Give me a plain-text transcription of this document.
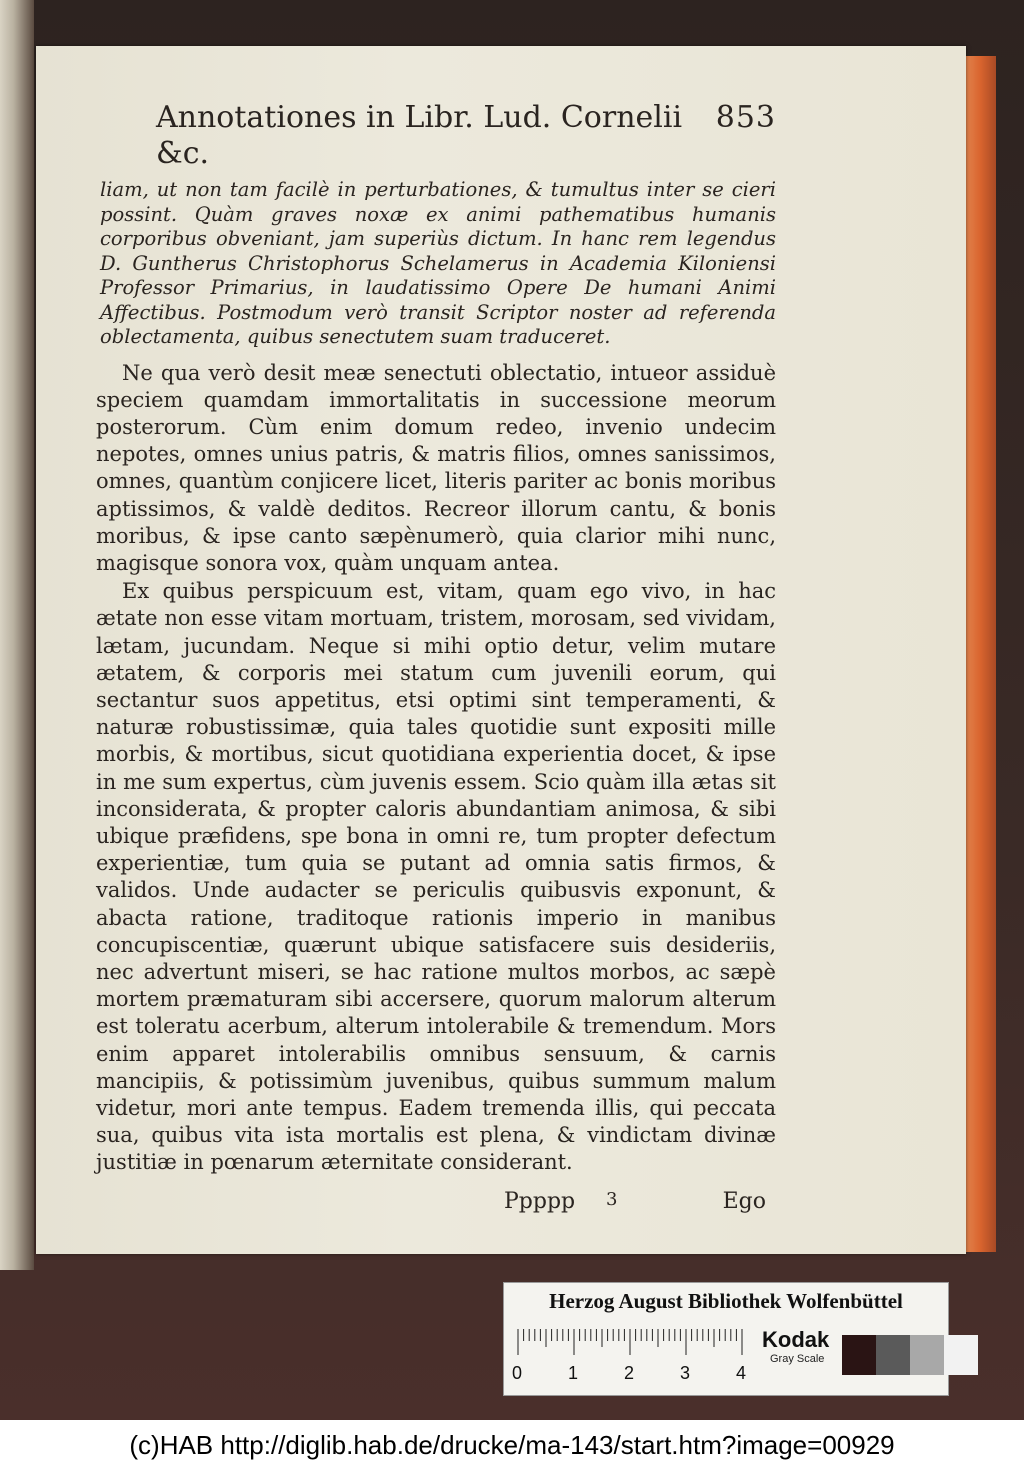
Annotationes in Libr. Lud. Cornelii &c.
853

liam, ut non tam facilè in perturbationes, & tumultus inter se cieri possint. Quàm graves noxæ ex animi pathematibus humanis corporibus obveniant, jam superiùs dictum. In hanc rem legendus D. Guntherus Christophorus Schelamerus in Academia Kiloniensi Professor Primarius, in laudatissimo Opere De humani Animi Affectibus. Postmodum verò transit Scriptor noster ad referenda oblectamenta, quibus senectutem suam traduceret.

Ne qua verò desit meæ senectuti oblectatio, intueor assiduè speciem quamdam immortalitatis in successione meorum posterorum. Cùm enim domum redeo, invenio undecim nepotes, omnes unius patris, & matris filios, omnes sanissimos, omnes, quantùm conjicere licet, literis pariter ac bonis moribus aptissimos, & valdè deditos. Recreor illorum cantu, & bonis moribus, & ipse canto sæpènumerò, quia clarior mihi nunc, magisque sonora vox, quàm unquam antea.

Ex quibus perspicuum est, vitam, quam ego vivo, in hac ætate non esse vitam mortuam, tristem, morosam, sed vividam, lætam, jucundam. Neque si mihi optio detur, velim mutare ætatem, & corporis mei statum cum juvenili eorum, qui sectantur suos appetitus, etsi optimi sint temperamenti, & naturæ robustissimæ, quia tales quotidie sunt expositi mille morbis, & mortibus, sicut quotidiana experientia docet, & ipse in me sum expertus, cùm juvenis essem. Scio quàm illa ætas sit inconsiderata, & propter caloris abundantiam animosa, & sibi ubique præfidens, spe bona in omni re, tum propter defectum experientiæ, tum quia se putant ad omnia satis firmos, & validos. Unde audacter se periculis quibusvis exponunt, & abacta ratione, traditoque rationis imperio in manibus concupiscentiæ, quærunt ubique satisfacere suis desideriis, nec advertunt miseri, se hac ratione multos morbos, ac sæpè mortem præmaturam sibi accersere, quorum malorum alterum est toleratu acerbum, alterum intolerabile & tremendum. Mors enim apparet intolerabilis omnibus sensuum, & carnis mancipiis, & potissimùm juvenibus, quibus summum malum videtur, mori ante tempus. Eadem tremenda illis, qui peccata sua, quibus vita ista mortalis est plena, & vindictam divinæ justitiæ in pœnarum æternitate considerant.

Ppppp 3	Ego
Herzog August Bibliothek Wolfenbüttel
0	1	2	3	4
Kodak
Gray Scale
(c)HAB http://diglib.hab.de/drucke/ma-143/start.htm?image=00929
